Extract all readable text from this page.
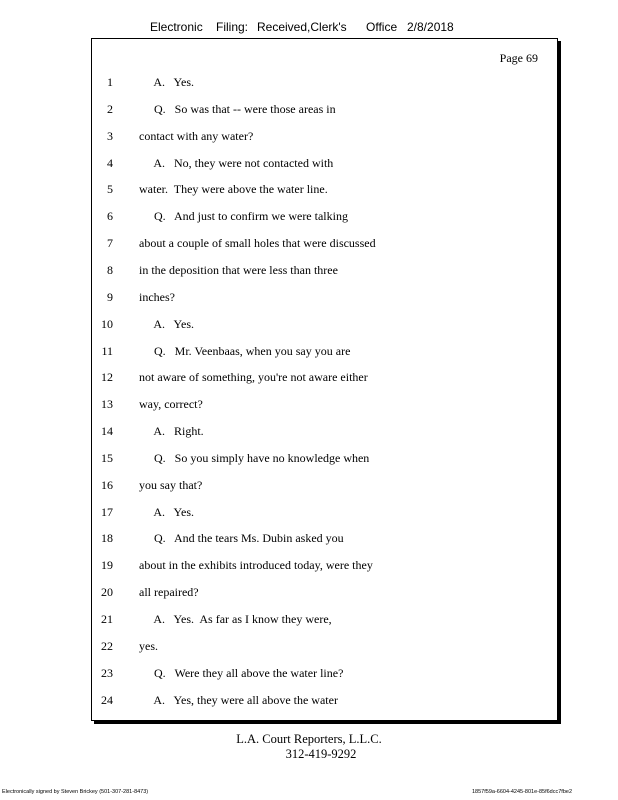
Electronic Filing: Received,Clerk's Office 2/8/2018
Page 69
1 A.   Yes.
2 Q.   So was that -- were those areas in
3 contact with any water?
4 A.   No, they were not contacted with
5 water.  They were above the water line.
6 Q.   And just to confirm we were talking
7 about a couple of small holes that were discussed
8 in the deposition that were less than three
9 inches?
10 A.   Yes.
11 Q.   Mr. Veenbaas, when you say you are
12 not aware of something, you're not aware either
13 way, correct?
14 A.   Right.
15 Q.   So you simply have no knowledge when
16 you say that?
17 A.   Yes.
18 Q.   And the tears Ms. Dubin asked you
19 about in the exhibits introduced today, were they
20 all repaired?
21 A.   Yes.  As far as I know they were,
22 yes.
23 Q.   Were they all above the water line?
24 A.   Yes, they were all above the water
L.A. Court Reporters, L.L.C.
312-419-9292
Electronically signed by Steven Brickey (501-307-281-8473)	1857f59a-6604-4245-801e-85f6dcc7fbe2
